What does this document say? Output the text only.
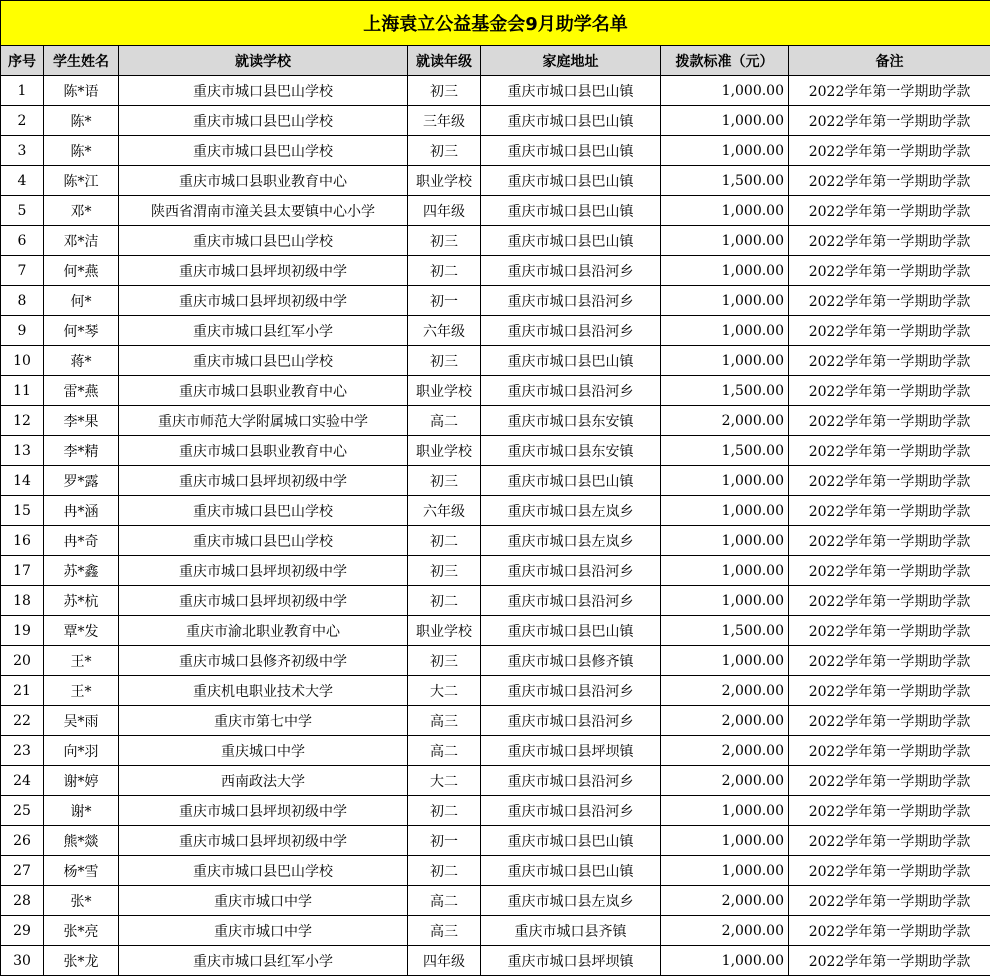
上海袁立公益基金会9月助学名单						
序号	学生姓名	就读学校	就读年级	家庭地址	拨款标准（元）	备注
1	陈*语	重庆市城口县巴山学校	初三	重庆市城口县巴山镇	1,000.00	2022学年第一学期助学款
2	陈*	重庆市城口县巴山学校	三年级	重庆市城口县巴山镇	1,000.00	2022学年第一学期助学款
3	陈*	重庆市城口县巴山学校	初三	重庆市城口县巴山镇	1,000.00	2022学年第一学期助学款
4	陈*江	重庆市城口县职业教育中心	职业学校	重庆市城口县巴山镇	1,500.00	2022学年第一学期助学款
5	邓*	陕西省渭南市潼关县太要镇中心小学	四年级	重庆市城口县巴山镇	1,000.00	2022学年第一学期助学款
6	邓*洁	重庆市城口县巴山学校	初三	重庆市城口县巴山镇	1,000.00	2022学年第一学期助学款
7	何*燕	重庆市城口县坪坝初级中学	初二	重庆市城口县沿河乡	1,000.00	2022学年第一学期助学款
8	何*	重庆市城口县坪坝初级中学	初一	重庆市城口县沿河乡	1,000.00	2022学年第一学期助学款
9	何*琴	重庆市城口县红军小学	六年级	重庆市城口县沿河乡	1,000.00	2022学年第一学期助学款
10	蒋*	重庆市城口县巴山学校	初三	重庆市城口县巴山镇	1,000.00	2022学年第一学期助学款
11	雷*燕	重庆市城口县职业教育中心	职业学校	重庆市城口县沿河乡	1,500.00	2022学年第一学期助学款
12	李*果	重庆市师范大学附属城口实验中学	高二	重庆市城口县东安镇	2,000.00	2022学年第一学期助学款
13	李*精	重庆市城口县职业教育中心	职业学校	重庆市城口县东安镇	1,500.00	2022学年第一学期助学款
14	罗*露	重庆市城口县坪坝初级中学	初三	重庆市城口县巴山镇	1,000.00	2022学年第一学期助学款
15	冉*涵	重庆市城口县巴山学校	六年级	重庆市城口县左岚乡	1,000.00	2022学年第一学期助学款
16	冉*奇	重庆市城口县巴山学校	初二	重庆市城口县左岚乡	1,000.00	2022学年第一学期助学款
17	苏*鑫	重庆市城口县坪坝初级中学	初三	重庆市城口县沿河乡	1,000.00	2022学年第一学期助学款
18	苏*杭	重庆市城口县坪坝初级中学	初二	重庆市城口县沿河乡	1,000.00	2022学年第一学期助学款
19	覃*发	重庆市渝北职业教育中心	职业学校	重庆市城口县巴山镇	1,500.00	2022学年第一学期助学款
20	王*	重庆市城口县修齐初级中学	初三	重庆市城口县修齐镇	1,000.00	2022学年第一学期助学款
21	王*	重庆机电职业技术大学	大二	重庆市城口县沿河乡	2,000.00	2022学年第一学期助学款
22	吴*雨	重庆市第七中学	高三	重庆市城口县沿河乡	2,000.00	2022学年第一学期助学款
23	向*羽	重庆城口中学	高二	重庆市城口县坪坝镇	2,000.00	2022学年第一学期助学款
24	谢*婷	西南政法大学	大二	重庆市城口县沿河乡	2,000.00	2022学年第一学期助学款
25	谢*	重庆市城口县坪坝初级中学	初二	重庆市城口县沿河乡	1,000.00	2022学年第一学期助学款
26	熊*燚	重庆市城口县坪坝初级中学	初一	重庆市城口县巴山镇	1,000.00	2022学年第一学期助学款
27	杨*雪	重庆市城口县巴山学校	初二	重庆市城口县巴山镇	1,000.00	2022学年第一学期助学款
28	张*	重庆市城口中学	高二	重庆市城口县左岚乡	2,000.00	2022学年第一学期助学款
29	张*亮	重庆市城口中学	高三	重庆市城口县齐镇	2,000.00	2022学年第一学期助学款
30	张*龙	重庆市城口县红军小学	四年级	重庆市城口县坪坝镇	1,000.00	2022学年第一学期助学款
